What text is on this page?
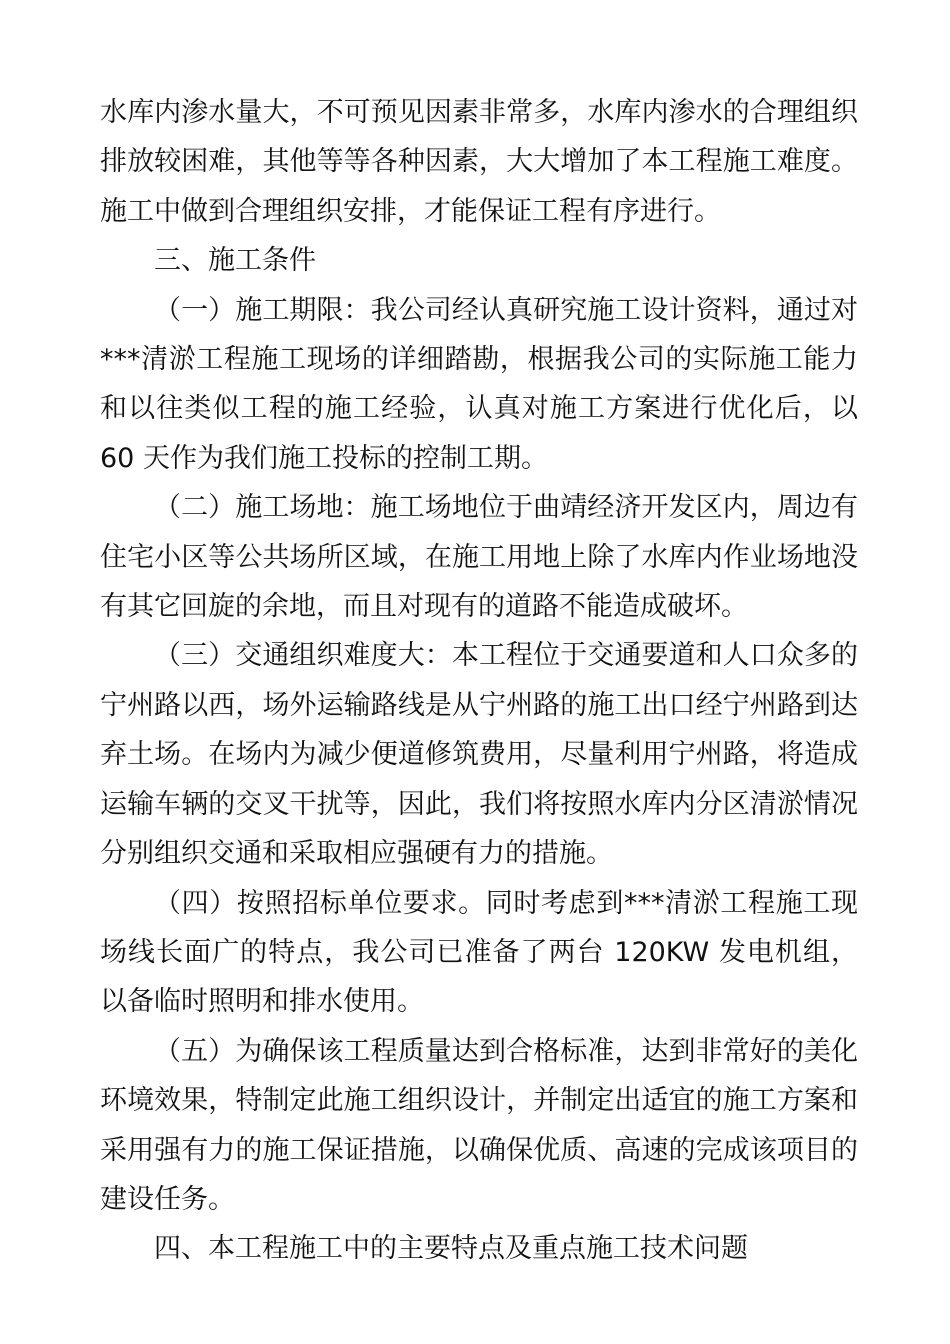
水库内渗水量大，不可预见因素非常多，水库内渗水的合理组织排放较困难，其他等等各种因素，大大增加了本工程施工难度。施工中做到合理组织安排，才能保证工程有序进行。

三、施工条件

（一）施工期限：我公司经认真研究施工设计资料，通过对***清淤工程施工现场的详细踏勘，根据我公司的实际施工能力和以往类似工程的施工经验，认真对施工方案进行优化后，以 60 天作为我们施工投标的控制工期。

（二）施工场地：施工场地位于曲靖经济开发区内，周边有住宅小区等公共场所区域，在施工用地上除了水库内作业场地没有其它回旋的余地，而且对现有的道路不能造成破坏。

（三）交通组织难度大：本工程位于交通要道和人口众多的宁州路以西，场外运输路线是从宁州路的施工出口经宁州路到达弃土场。在场内为减少便道修筑费用，尽量利用宁州路，将造成运输车辆的交叉干扰等，因此，我们将按照水库内分区清淤情况分别组织交通和采取相应强硬有力的措施。

（四）按照招标单位要求。同时考虑到***清淤工程施工现场线长面广的特点，我公司已准备了两台 120KW 发电机组，以备临时照明和排水使用。

（五）为确保该工程质量达到合格标准，达到非常好的美化环境效果，特制定此施工组织设计，并制定出适宜的施工方案和采用强有力的施工保证措施，以确保优质、高速的完成该项目的建设任务。

四、本工程施工中的主要特点及重点施工技术问题
